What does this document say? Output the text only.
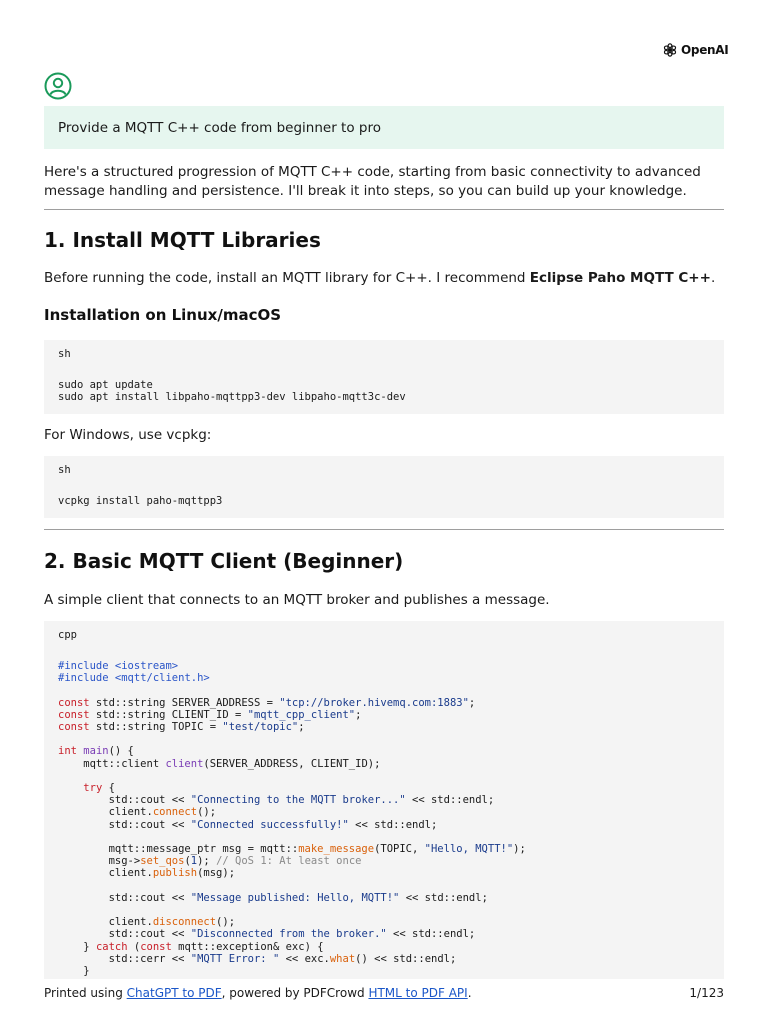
OpenAI
Provide a MQTT C++ code from beginner to pro
Here's a structured progression of MQTT C++ code, starting from basic connectivity to advanced message handling and persistence. I'll break it into steps, so you can build up your knowledge.
1. Install MQTT Libraries
Before running the code, install an MQTT library for C++. I recommend Eclipse Paho MQTT C++.
Installation on Linux/macOS
sh
sudo apt update
sudo apt install libpaho-mqttpp3-dev libpaho-mqtt3c-dev
For Windows, use vcpkg:
sh
vcpkg install paho-mqttpp3
2. Basic MQTT Client (Beginner)
A simple client that connects to an MQTT broker and publishes a message.
cpp
#include <iostream>
#include <mqtt/client.h>

const std::string SERVER_ADDRESS = "tcp://broker.hivemq.com:1883";
const std::string CLIENT_ID = "mqtt_cpp_client";
const std::string TOPIC = "test/topic";

int main() {
mqtt::client client(SERVER_ADDRESS, CLIENT_ID);

try {
std::cout << "Connecting to the MQTT broker..." << std::endl;
client.connect();
std::cout << "Connected successfully!" << std::endl;

mqtt::message_ptr msg = mqtt::make_message(TOPIC, "Hello, MQTT!");
msg->set_qos(1); // QoS 1: At least once
client.publish(msg);

std::cout << "Message published: Hello, MQTT!" << std::endl;

client.disconnect();
std::cout << "Disconnected from the broker." << std::endl;
} catch (const mqtt::exception& exc) {
std::cerr << "MQTT Error: " << exc.what() << std::endl;
}
Printed using ChatGPT to PDF, powered by PDFCrowd HTML to PDF API.	1/123
